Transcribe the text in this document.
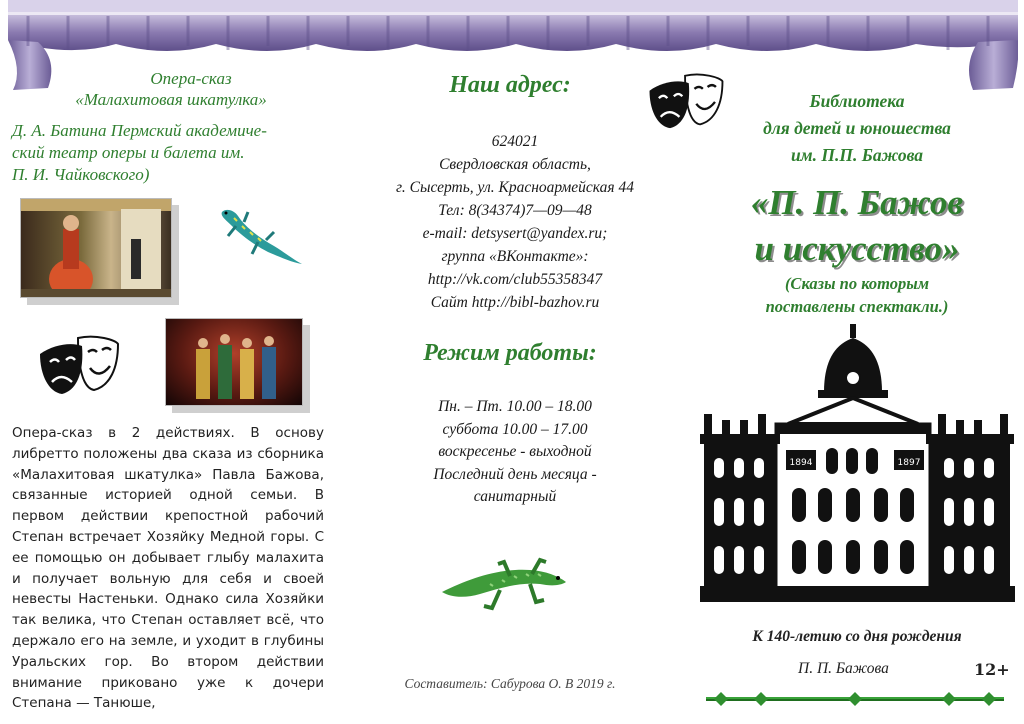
Опера-сказ
«Малахитовая шкатулка»
Д. А. Батина Пермский академиче-
ский театр оперы и балета им.
П. И. Чайковского)
Опера-сказ в 2 действиях. В основу либретто положены два сказа из сборника «Малахитовая шкатулка» Павла Бажова, связанные историей одной семьи. В первом действии крепостной рабочий Степан встречает Хозяйку Медной горы. С ее помощью он добывает глыбу малахита и получает вольную для себя и своей невесты Настеньки. Однако сила Хозяйки так велика, что Степан оставляет всё, что держало его на земле, и уходит в глубины Уральских гор. Во втором действии внимание приковано уже к дочери Степана — Танюше,
Наш адрес:
624021
Свердловская область,
г. Сысерть, ул. Красноармейская 44
Тел: 8(34374)7—09—48
e-mail: detsysert@yandex.ru;
группа «ВКонтакте»:
http://vk.com/club55358347
Сайт http://bibl-bazhov.ru
Режим работы:
Пн. – Пт. 10.00 – 18.00
суббота 10.00 – 17.00
воскресенье - выходной
Последний день месяца -
санитарный
Составитель: Сабурова О. В 2019 г.
Библиотека
для детей и юношества
им. П.П. Бажова
«П. П. Бажов
и искусство»
(Сказы по которым
поставлены спектакли.)
1894	1897
К 140-летию со дня рождения
П. П. Бажова	12+
